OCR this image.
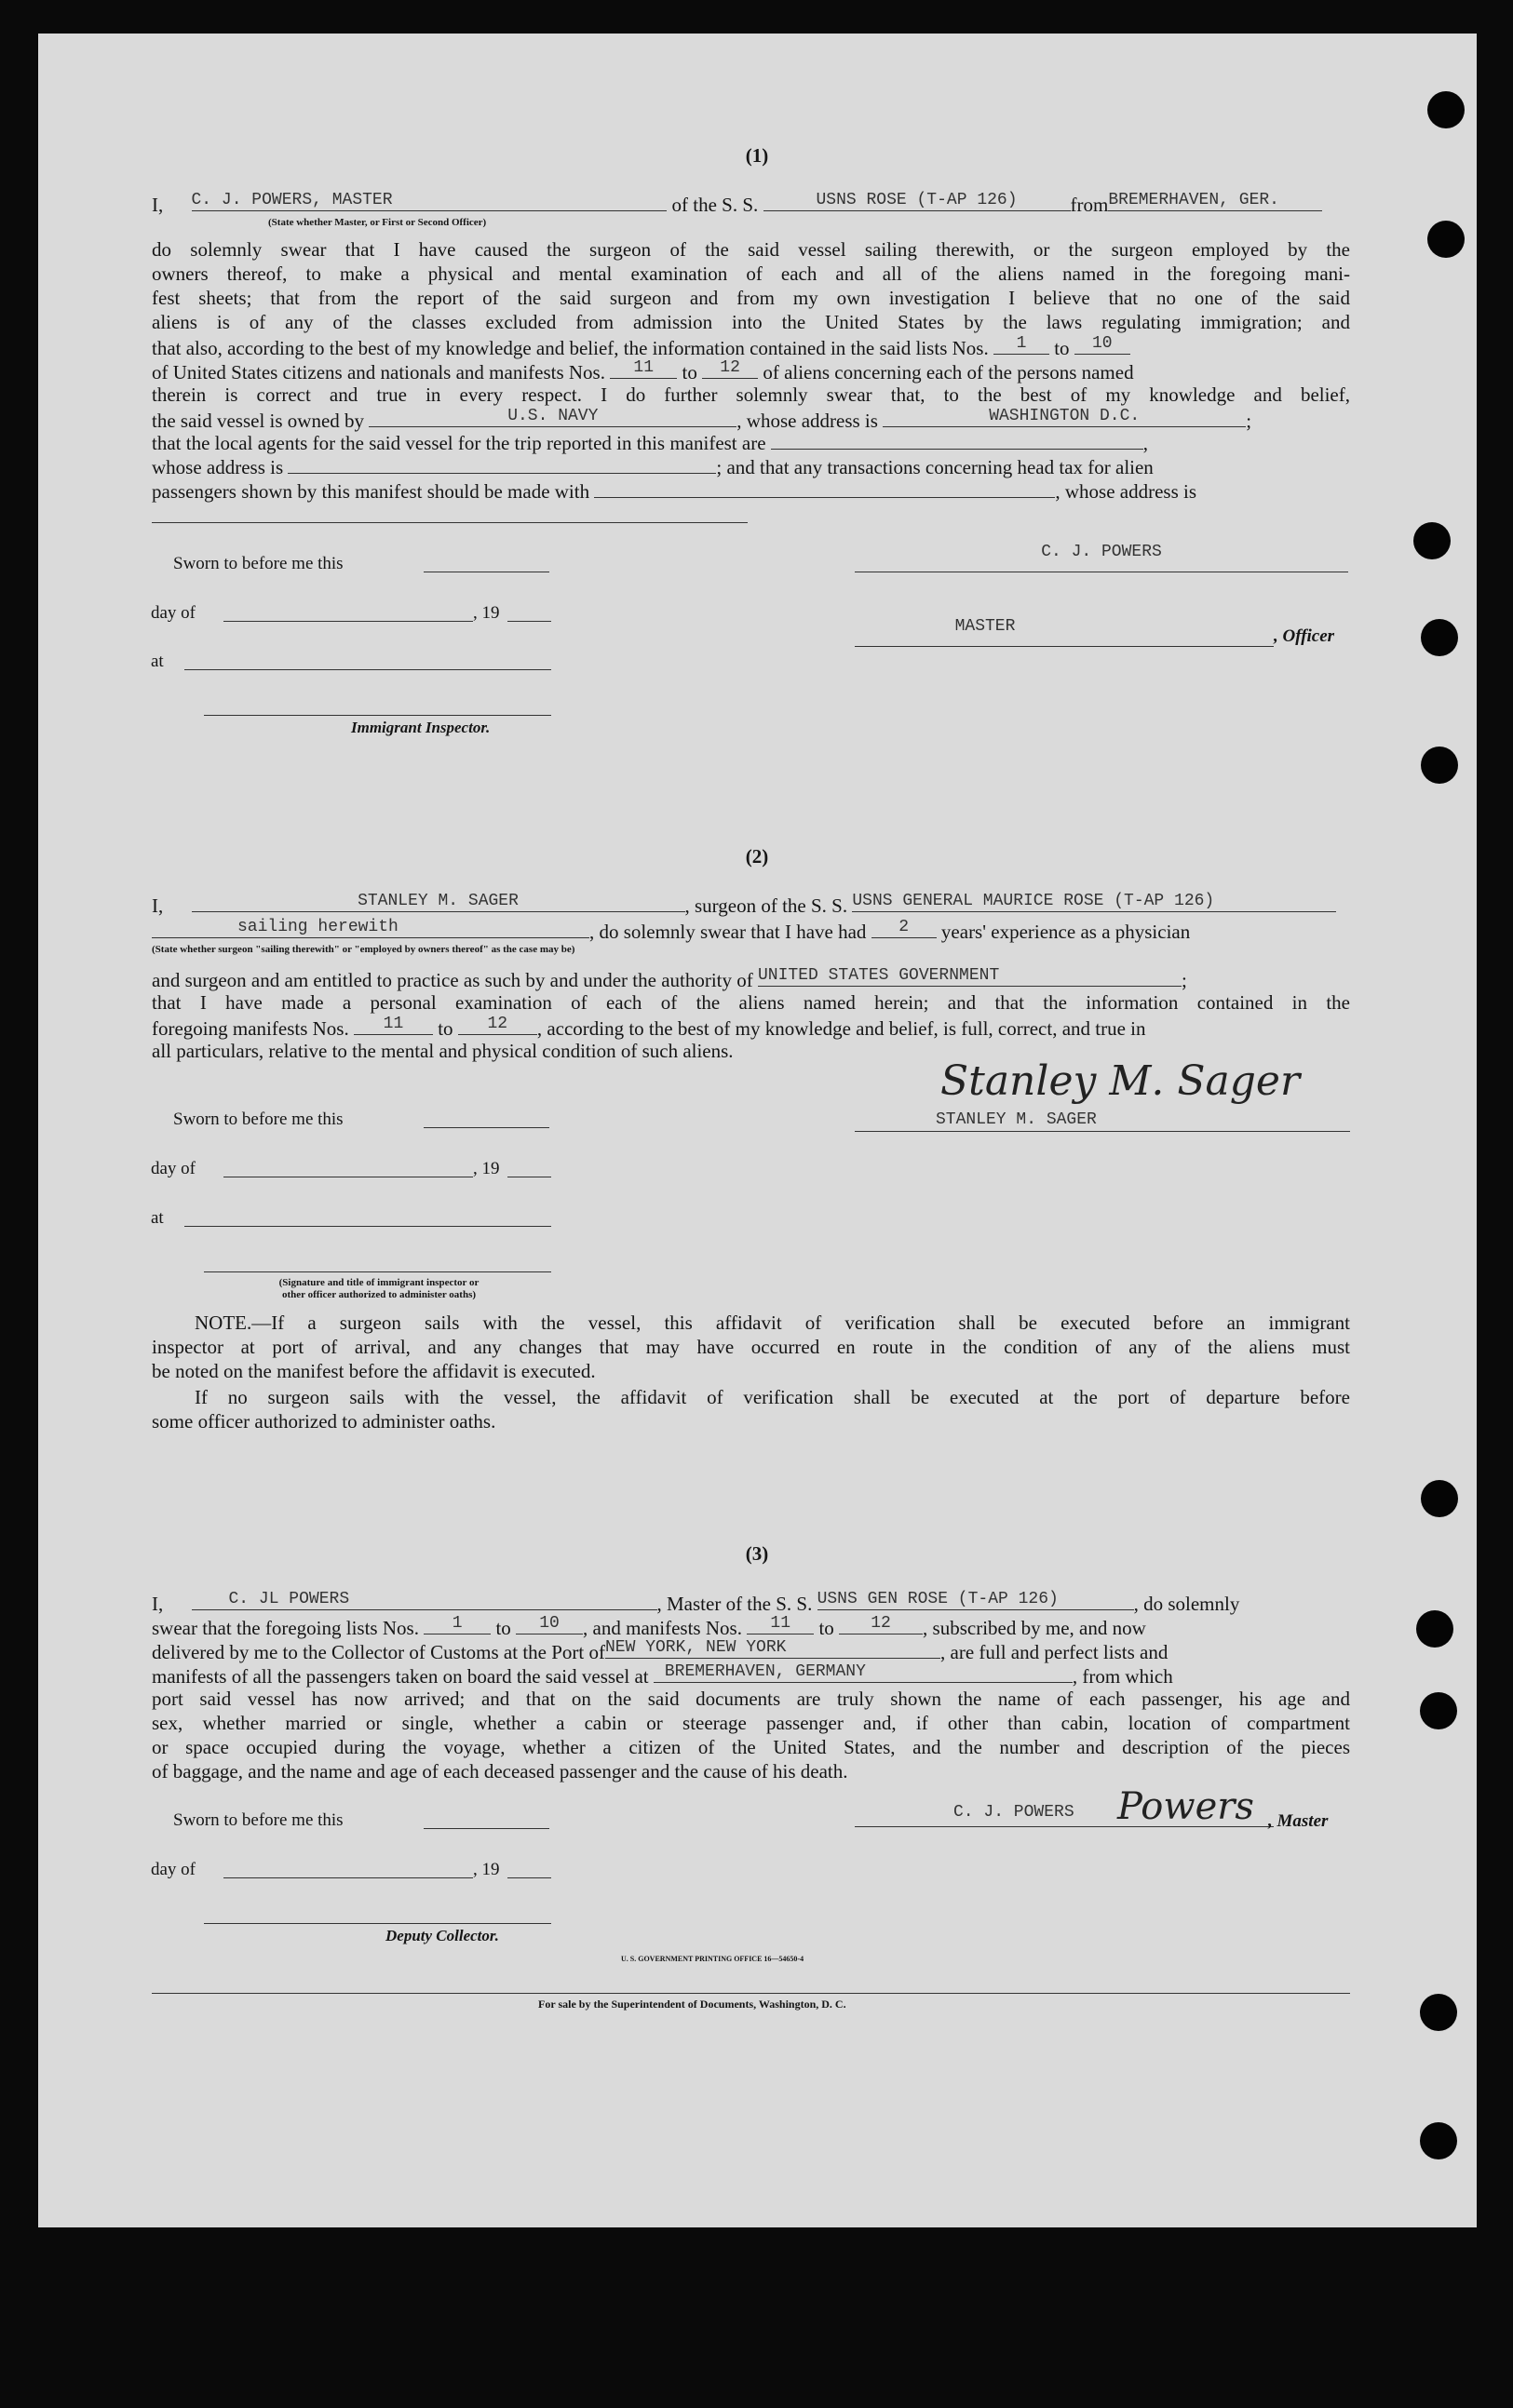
(1)
I, C. J. POWERS, MASTER	of the S. S.	USNS ROSE (T-AP 126)	fromBREMERHAVEN, GER.
(State whether Master, or First or Second Officer)
do solemnly swear that I have caused the surgeon of the said vessel sailing therewith, or the surgeon employed by the
owners thereof, to make a physical and mental examination of each and all of the aliens named in the foregoing mani-
fest sheets; that from the report of the said surgeon and from my own investigation I believe that no one of the said
aliens is of any of the classes excluded from admission into the United States by the laws regulating immigration; and
that also, according to the best of my knowledge and belief, the information contained in the said lists Nos. 1 to 10
of United States citizens and nationals and manifests Nos. 11 to 12 of aliens concerning each of the persons named
therein is correct and true in every respect. I do further solemnly swear that, to the best of my knowledge and belief,
the said vessel is owned by	U.S. NAVY	, whose address is	WASHINGTON D.C.	;
that the local agents for the said vessel for the trip reported in this manifest are	,
whose address is	; and that any transactions concerning head tax for alien
passengers shown by this manifest should be made with	, whose address is
Sworn to before me this
day of	, 19
at
Immigrant Inspector.
C. J. POWERS
MASTER	, Officer
(2)
I,	STANLEY M. SAGER	, surgeon of the S. S. USNS GENERAL MAURICE ROSE (T-AP 126)
sailing herewith	, do solemnly swear that I have had 2 years' experience as a physician
(State whether surgeon "sailing therewith" or "employed by owners thereof" as the case may be)
and surgeon and am entitled to practice as such by and under the authority of UNITED STATES GOVERNMENT	;
that I have made a personal examination of each of the aliens named herein; and that the information contained in the
foregoing manifests Nos. 11 to 12 , according to the best of my knowledge and belief, is full, correct, and true in
all particulars, relative to the mental and physical condition of such aliens.
Sworn to before me this
day of	, 19
at
(Signature and title of immigrant inspector or
other officer authorized to administer oaths)
Stanley M. Sager
STANLEY M. SAGER
NOTE.—If a surgeon sails with the vessel, this affidavit of verification shall be executed before an immigrant
inspector at port of arrival, and any changes that may have occurred en route in the condition of any of the aliens must
be noted on the manifest before the affidavit is executed.
If no surgeon sails with the vessel, the affidavit of verification shall be executed at the port of departure before
some officer authorized to administer oaths.
(3)
I,	C. JL POWERS	, Master of the S. S. USNS GEN ROSE (T-AP 126)	, do solemnly
swear that the foregoing lists Nos. 1 to 10 , and manifests Nos. 11 to 12 , subscribed by me, and now
delivered by me to the Collector of Customs at the Port ofNEW YORK, NEW YORK	, are full and perfect lists and
manifests of all the passengers taken on board the said vessel at BREMERHAVEN, GERMANY	, from which
port said vessel has now arrived; and that on the said documents are truly shown the name of each passenger, his age and
sex, whether married or single, whether a cabin or steerage passenger and, if other than cabin, location of compartment
or space occupied during the voyage, whether a citizen of the United States, and the number and description of the pieces
of baggage, and the name and age of each deceased passenger and the cause of his death.
Sworn to before me this
day of	, 19
Deputy Collector.
C. J. POWERS Powers , Master
U. S. GOVERNMENT PRINTING OFFICE 16—54650-4
For sale by the Superintendent of Documents, Washington, D. C.
